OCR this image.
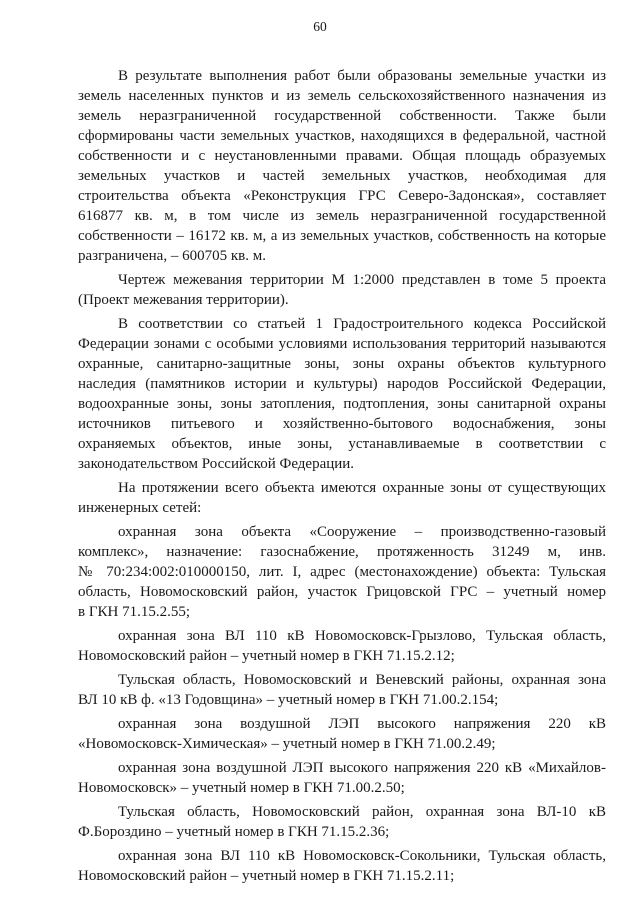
60
В результате выполнения работ были образованы земельные участки из
земель населенных пунктов и из земель сельскохозяйственного назначения из
земель неразграниченной государственной собственности. Также были
сформированы части земельных участков, находящихся в федеральной, частной
собственности и с неустановленными правами. Общая площадь образуемых
земельных участков и частей земельных участков, необходимая для
строительства объекта «Реконструкция ГРС Северо-Задонская», составляет
616877 кв. м, в том числе из земель неразграниченной государственной
собственности – 16172 кв. м, а из земельных участков, собственность на которые
разграничена, – 600705 кв. м.
Чертеж межевания территории М 1:2000 представлен в томе 5 проекта
(Проект межевания территории).
В соответствии со статьей 1 Градостроительного кодекса Российской
Федерации зонами с особыми условиями использования территорий называются
охранные, санитарно-защитные зоны, зоны охраны объектов культурного
наследия (памятников истории и культуры) народов Российской Федерации,
водоохранные зоны, зоны затопления, подтопления, зоны санитарной охраны
источников питьевого и хозяйственно-бытового водоснабжения, зоны
охраняемых объектов, иные зоны, устанавливаемые в соответствии с
законодательством Российской Федерации.
На протяжении всего объекта имеются охранные зоны от существующих
инженерных сетей:
охранная зона объекта «Сооружение – производственно-газовый
комплекс», назначение: газоснабжение, протяженность 31249 м, инв.
№ 70:234:002:010000150, лит. I, адрес (местонахождение) объекта: Тульская
область, Новомосковский район, участок Грицовской ГРС – учетный номер
в ГКН 71.15.2.55;
охранная зона ВЛ 110 кВ Новомосковск-Грызлово, Тульская область,
Новомосковский район – учетный номер в ГКН 71.15.2.12;
Тульская область, Новомосковский и Веневский районы, охранная зона
ВЛ 10 кВ ф. «13 Годовщина» – учетный номер в ГКН 71.00.2.154;
охранная зона воздушной ЛЭП высокого напряжения 220 кВ
«Новомосковск-Химическая» – учетный номер в ГКН 71.00.2.49;
охранная зона воздушной ЛЭП высокого напряжения 220 кВ «Михайлов-
Новомосковск» – учетный номер в ГКН 71.00.2.50;
Тульская область, Новомосковский район, охранная зона ВЛ-10 кВ
Ф.Бороздино – учетный номер в ГКН 71.15.2.36;
охранная зона ВЛ 110 кВ Новомосковск-Сокольники, Тульская область,
Новомосковский район – учетный номер в ГКН 71.15.2.11;
